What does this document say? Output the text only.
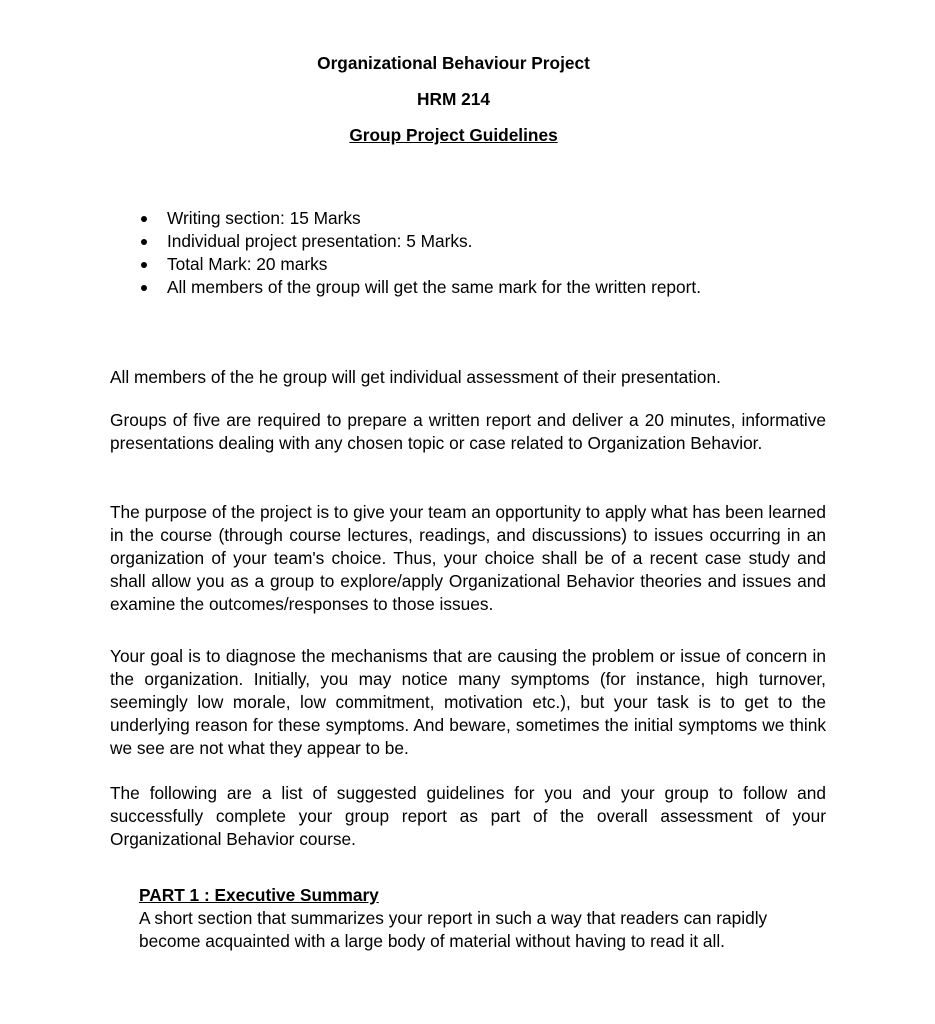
Organizational Behaviour Project
HRM 214
Group Project Guidelines
Writing section: 15 Marks
Individual project presentation: 5 Marks.
Total Mark: 20 marks
All members of the group will get the same mark for the written report.

All members of the he group will get individual assessment of their presentation.

Groups of five are required to prepare a written report and deliver a 20 minutes, informative presentations dealing with any chosen topic or case related to Organization Behavior.

The purpose of the project is to give your team an opportunity to apply what has been learned in the course (through course lectures, readings, and discussions) to issues occurring in an organization of your team's choice. Thus, your choice shall be of a recent case study and shall allow you as a group to explore/apply Organizational Behavior theories and issues and examine the outcomes/responses to those issues.

Your goal is to diagnose the mechanisms that are causing the problem or issue of concern in the organization. Initially, you may notice many symptoms (for instance, high turnover, seemingly low morale, low commitment, motivation etc.), but your task is to get to the underlying reason for these symptoms. And beware, sometimes the initial symptoms we think we see are not what they appear to be.

The following are a list of suggested guidelines for you and your group to follow and successfully complete your group report as part of the overall assessment of your Organizational Behavior course.

PART 1 : Executive Summary

A short section that summarizes your report in such a way that readers can rapidly become acquainted with a large body of material without having to read it all.
